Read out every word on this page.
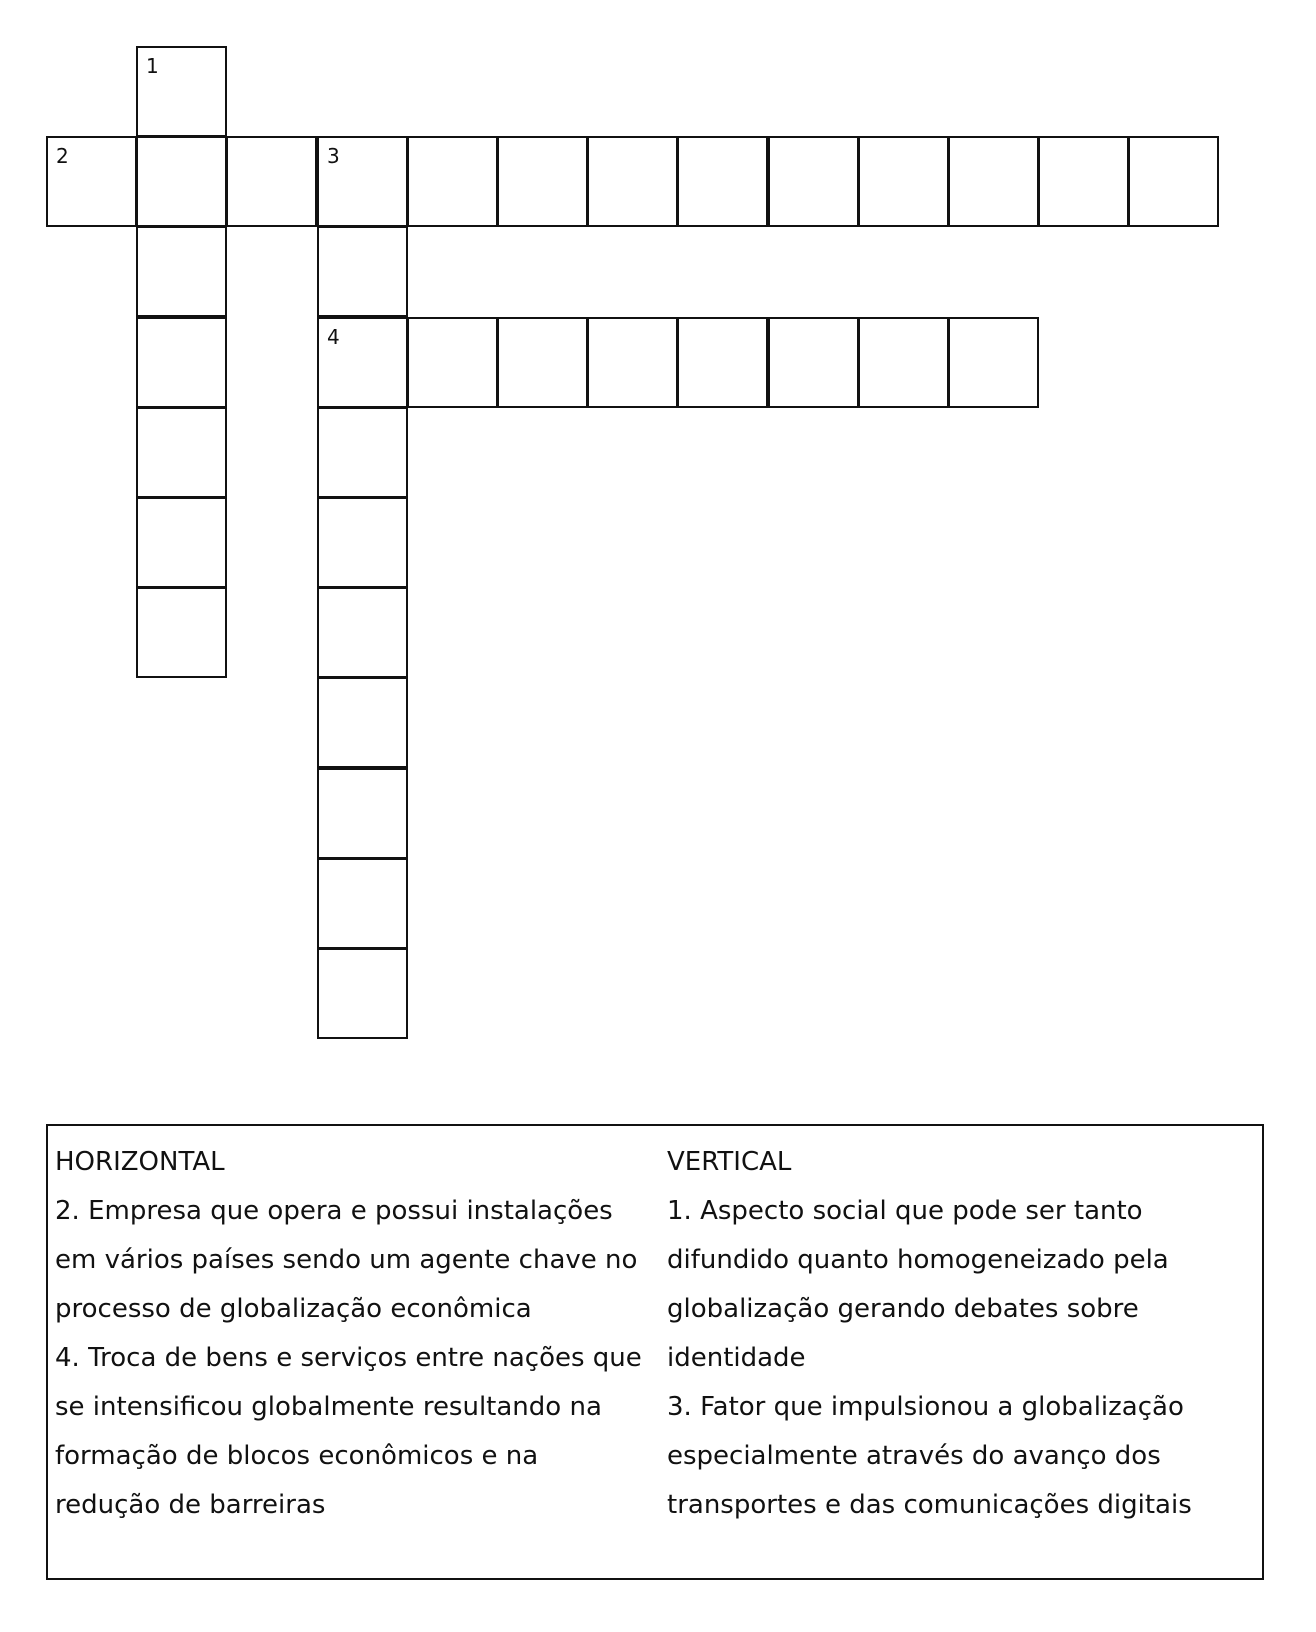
1
2	3
4

HORIZONTAL

2. Empresa que opera e possui instalações em vários países sendo um agente chave no processo de globalização econômica

4. Troca de bens e serviços entre nações que se intensificou globalmente resultando na formação de blocos econômicos e na redução de barreiras

VERTICAL

1. Aspecto social que pode ser tanto difundido quanto homogeneizado pela globalização gerando debates sobre identidade

3. Fator que impulsionou a globalização especialmente através do avanço dos transportes e das comunicações digitais
